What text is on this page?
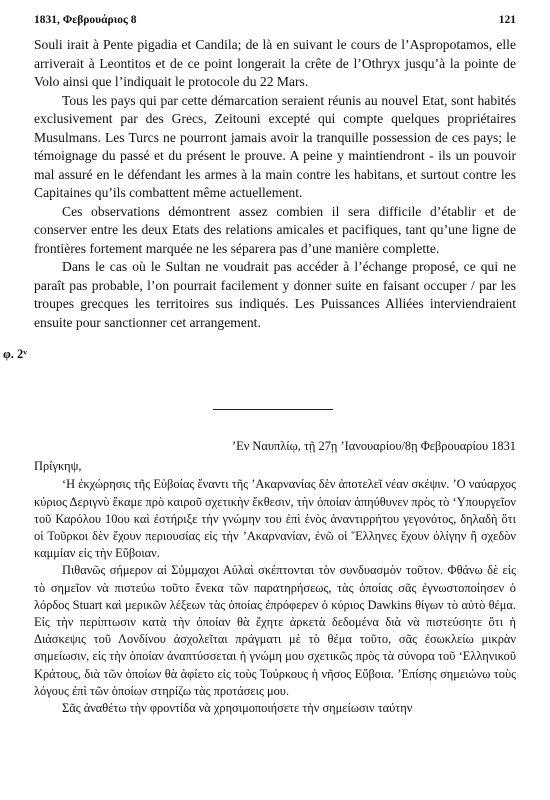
1831, Φεβρουάριος 8	121

Souli irait à Pente pigadia et Candila; de là en suivant le cours de l’Aspropotamos, elle arriverait à Leontitos et de ce point longerait la crête de l’Othryx jusqu’à la pointe de Volo ainsi que l’indiquait le protocole du 22 Mars.

Tous les pays qui par cette démarcation seraient réunis au nouvel Etat, sont habités exclusivement par des Grecs, Zeitouni excepté qui compte quelques propriétaires Musulmans. Les Turcs ne pourront jamais avoir la tranquille possession de ces pays; le témoignage du passé et du présent le prouve. A peine y maintiendront - ils un pouvoir mal assuré en le défendant les armes à la main contre les habitans, et surtout contre les Capitaines qu’ils combattent même actuellement.

Ces observations démontrent assez combien il sera difficile d’établir et de conserver entre les deux Etats des relations amicales et pacifiques, tant qu’une ligne de frontières fortement marquée ne les séparera pas d’une manière complette.

Dans le cas où le Sultan ne voudrait pas accéder à l’échange proposé, ce qui ne paraît pas probable, l’on pourrait facilement y donner suite en faisant occuper / par les troupes grecques les territoires sus indiqués. Les Puissances Alliées interviendraient ensuite pour sanctionner cet arrangement.

φ. 2ᵛ
’Εν Ναυπλίῳ, τῇ 27ῃ ’Ιανουαρίου/8ῃ Φεβρουαρίου 1831
Πρίγκηψ,

‘Η ἐκχώρησις τῆς Εὐβοίας ἔναντι τῆς ’Ακαρνανίας δὲν ἀποτελεῖ νέαν σκέψιν. ’Ο ναύαρχος κύριος Δεριγνὺ ἔκαμε πρὸ καιροῦ σχετικὴν ἔκθεσιν, τὴν ὁποίαν ἀπηύθυνεν πρὸς τὸ ‘Υπουργεῖον τοῦ Καρόλου 10ου καὶ ἐστήριξε τὴν γνώμην του ἐπὶ ἑνὸς ἀναντιρρήτου γεγονότος, δηλαδὴ ὅτι οἱ Τοῦρκοι δὲν ἔχουν περιουσίας εἰς τὴν ’Ακαρνανίαν, ἐνῶ οἱ Ἕλληνες ἔχουν ὀλίγην ἢ σχεδὸν καμμίαν εἰς τὴν Εὔβοιαν.

Πιθανῶς σήμερον αἱ Σύμμαχοι Αὐλαὶ σκέπτονται τὸν συνδυασμὸν τοῦτον. Φθάνω δὲ εἰς τὸ σημεῖον νὰ πιστεύω τοῦτο ἕνεκα τῶν παρατηρήσεως, τὰς ὁποίας σᾶς ἐγνωστοποίησεν ὁ λόρδος Stuart καὶ μερικῶν λέξεων τὰς ὁποίας ἐπρόφερεν ὁ κύριος Dawkins θίγων τὸ αὐτὸ θέμα. Εἰς τὴν περίπτωσιν κατὰ τὴν ὁποίαν θὰ ἔχητε ἀρκετὰ δεδομένα διὰ νὰ πιστεύσητε ὅτι ἡ Διάσκεψις τοῦ Λονδίνου ἀσχολεῖται πράγματι μὲ τὸ θέμα τοῦτο, σᾶς ἐσωκλείω μικρὰν σημείωσιν, εἰς τὴν ὁποίαν ἀναπτύσσεται ἡ γνώμη μου σχετικῶς πρὸς τὰ σύνορα τοῦ ‘Ελληνικοῦ Κράτους, διὰ τῶν ὁποίων θὰ ἀφίετο εἰς τοὺς Τούρκους ἡ νῆσος Εὔβοια. ’Επίσης σημειώνω τοὺς λόγους ἐπὶ τῶν ὁποίων στηρίζω τὰς προτάσεις μου.

Σᾶς ἀναθέτω τὴν φροντίδα νὰ χρησιμοποιήσετε τὴν σημείωσιν ταύτην
